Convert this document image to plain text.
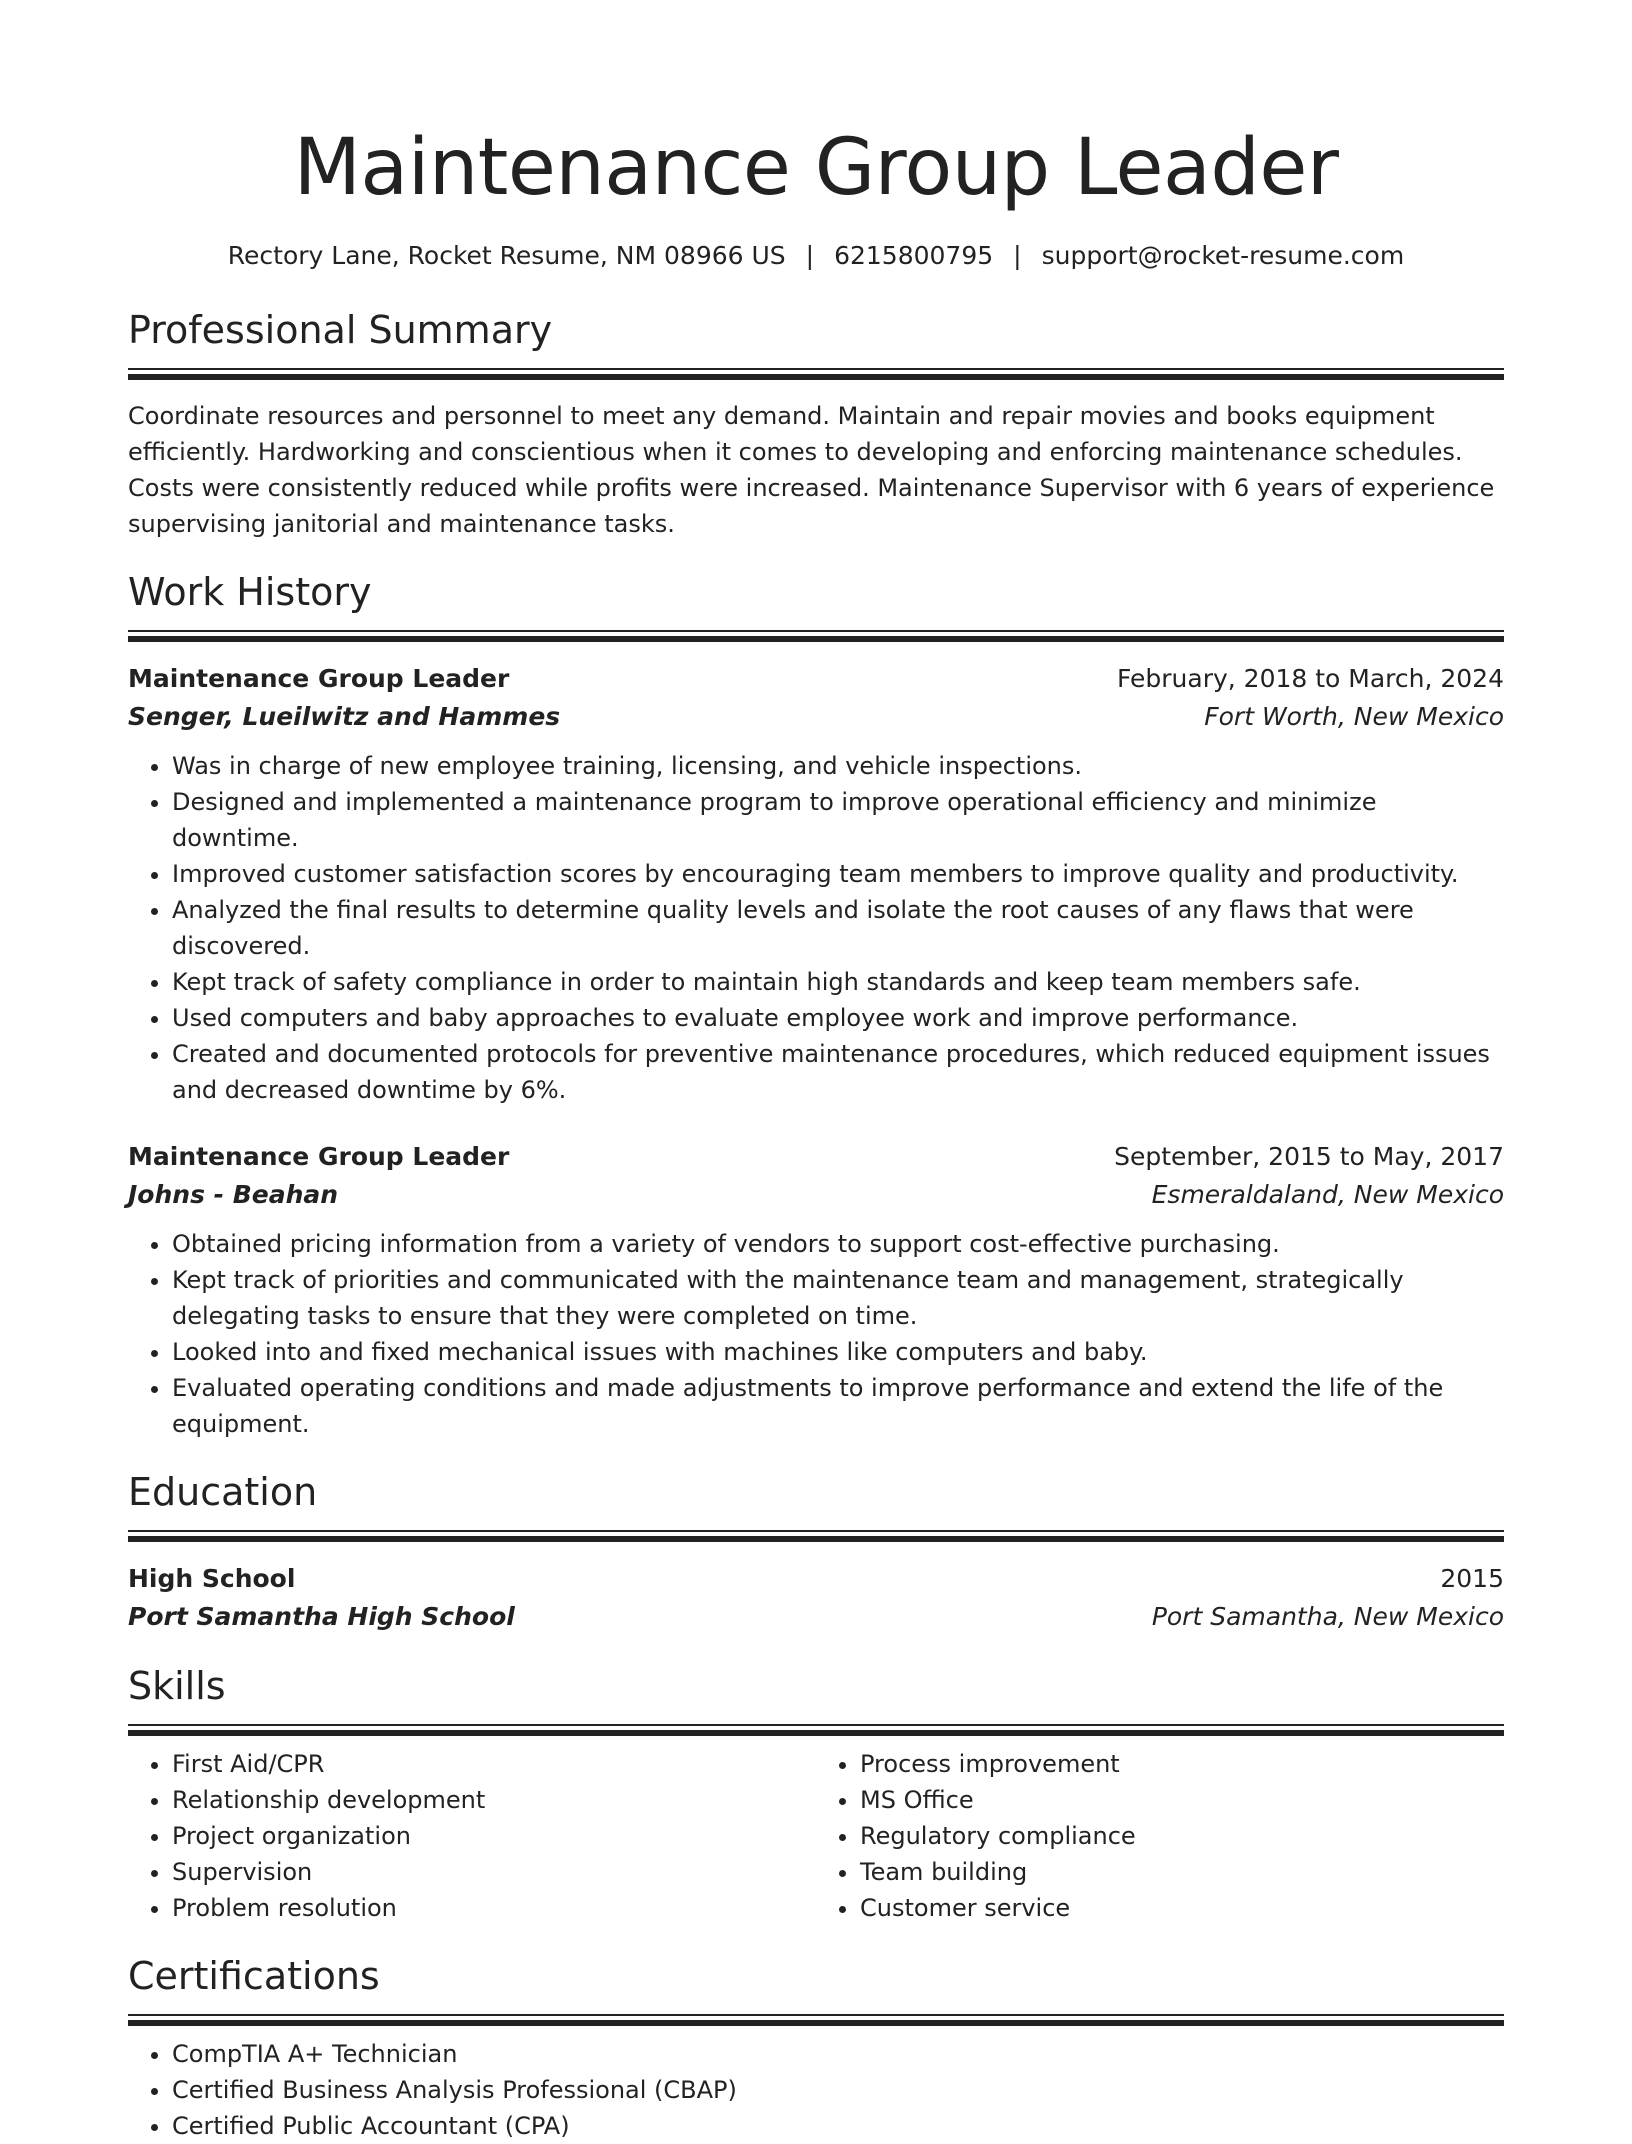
Maintenance Group Leader
Rectory Lane, Rocket Resume, NM 08966 US | 6215800795 | support@rocket-resume.com
Professional Summary
Coordinate resources and personnel to meet any demand. Maintain and repair movies and books equipment efficiently. Hardworking and conscientious when it comes to developing and enforcing maintenance schedules. Costs were consistently reduced while profits were increased. Maintenance Supervisor with 6 years of experience supervising janitorial and maintenance tasks.
Work History
Maintenance Group Leader	February, 2018 to March, 2024
Senger, Lueilwitz and Hammes	Fort Worth, New Mexico
• Was in charge of new employee training, licensing, and vehicle inspections.
• Designed and implemented a maintenance program to improve operational efficiency and minimize downtime.
• Improved customer satisfaction scores by encouraging team members to improve quality and productivity.
• Analyzed the final results to determine quality levels and isolate the root causes of any flaws that were discovered.
• Kept track of safety compliance in order to maintain high standards and keep team members safe.
• Used computers and baby approaches to evaluate employee work and improve performance.
• Created and documented protocols for preventive maintenance procedures, which reduced equipment issues and decreased downtime by 6%.
Maintenance Group Leader	September, 2015 to May, 2017
Johns - Beahan	Esmeraldaland, New Mexico
• Obtained pricing information from a variety of vendors to support cost-effective purchasing.
• Kept track of priorities and communicated with the maintenance team and management, strategically delegating tasks to ensure that they were completed on time.
• Looked into and fixed mechanical issues with machines like computers and baby.
• Evaluated operating conditions and made adjustments to improve performance and extend the life of the equipment.
Education
High School	2015
Port Samantha High School	Port Samantha, New Mexico
Skills
• First Aid/CPR
• Relationship development
• Project organization
• Supervision
• Problem resolution
• Process improvement
• MS Office
• Regulatory compliance
• Team building
• Customer service
Certifications
• CompTIA A+ Technician
• Certified Business Analysis Professional (CBAP)
• Certified Public Accountant (CPA)
